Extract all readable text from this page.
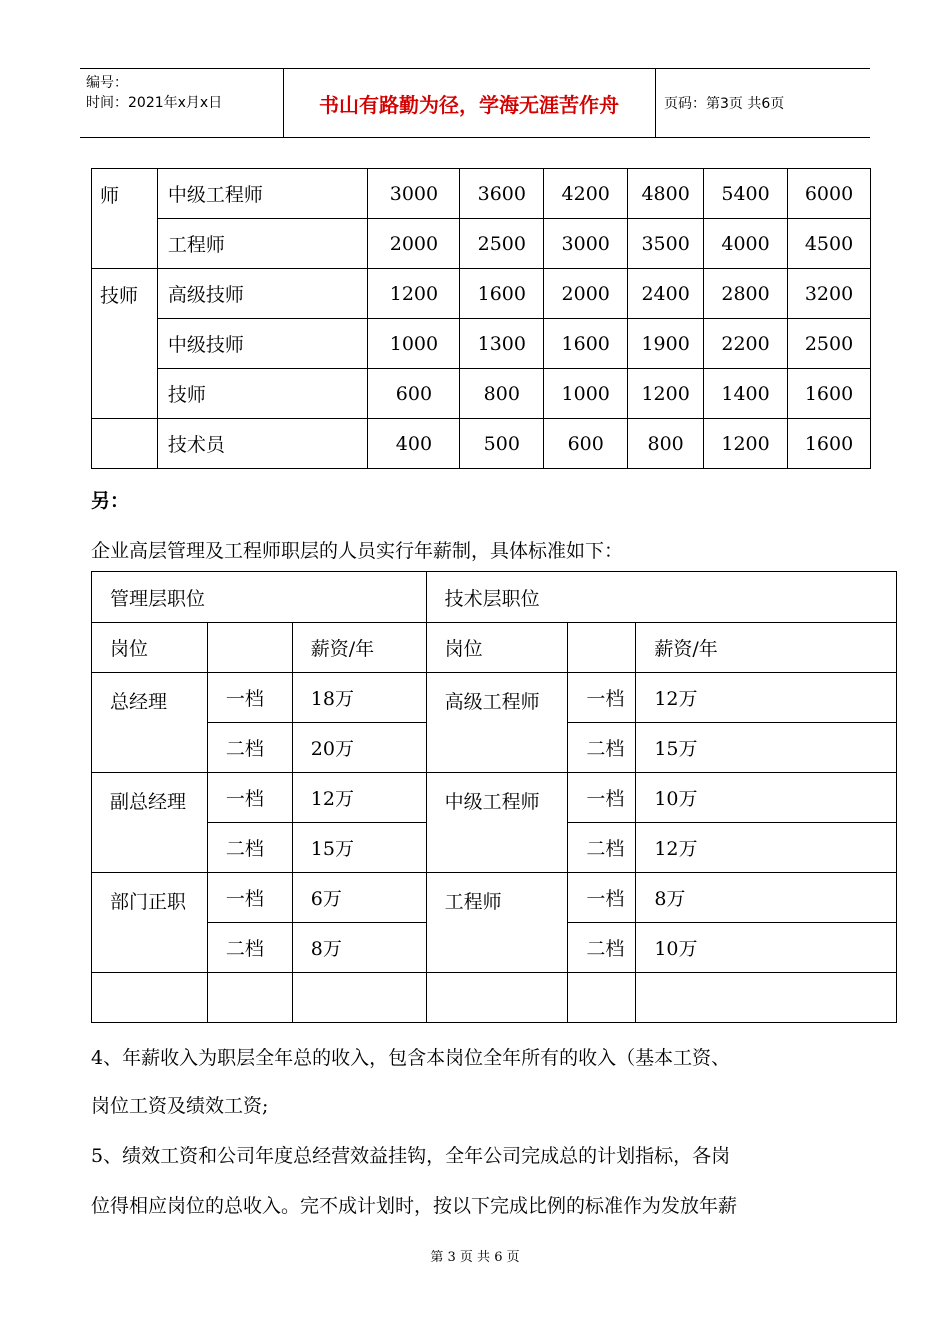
编号：
时间：2021年x月x日	书山有路勤为径，学海无涯苦作舟	页码：第3页 共6页
师	中级工程师	3000	3600	4200	4800	5400	6000
	工程师	2000	2500	3000	3500	4000	4500
技师	高级技师	1200	1600	2000	2400	2800	3200
	中级技师	1000	1300	1600	1900	2200	2500
	技师	600	800	1000	1200	1400	1600
	技术员	400	500	600	800	1200	1600
另：
企业高层管理及工程师职层的人员实行年薪制，具体标准如下：
管理层职位			技术层职位		
岗位		薪资/年	岗位		薪资/年
总经理	一档	18万	高级工程师	一档	12万
	二档	20万		二档	15万
副总经理	一档	12万	中级工程师	一档	10万
	二档	15万		二档	12万
部门正职	一档	6万	工程师	一档	8万
	二档	8万		二档	10万

4、年薪收入为职层全年总的收入，包含本岗位全年所有的收入（基本工资、
岗位工资及绩效工资;
5、绩效工资和公司年度总经营效益挂钩，全年公司完成总的计划指标，各岗
位得相应岗位的总收入。完不成计划时，按以下完成比例的标准作为发放年薪
第 3 页 共 6 页
